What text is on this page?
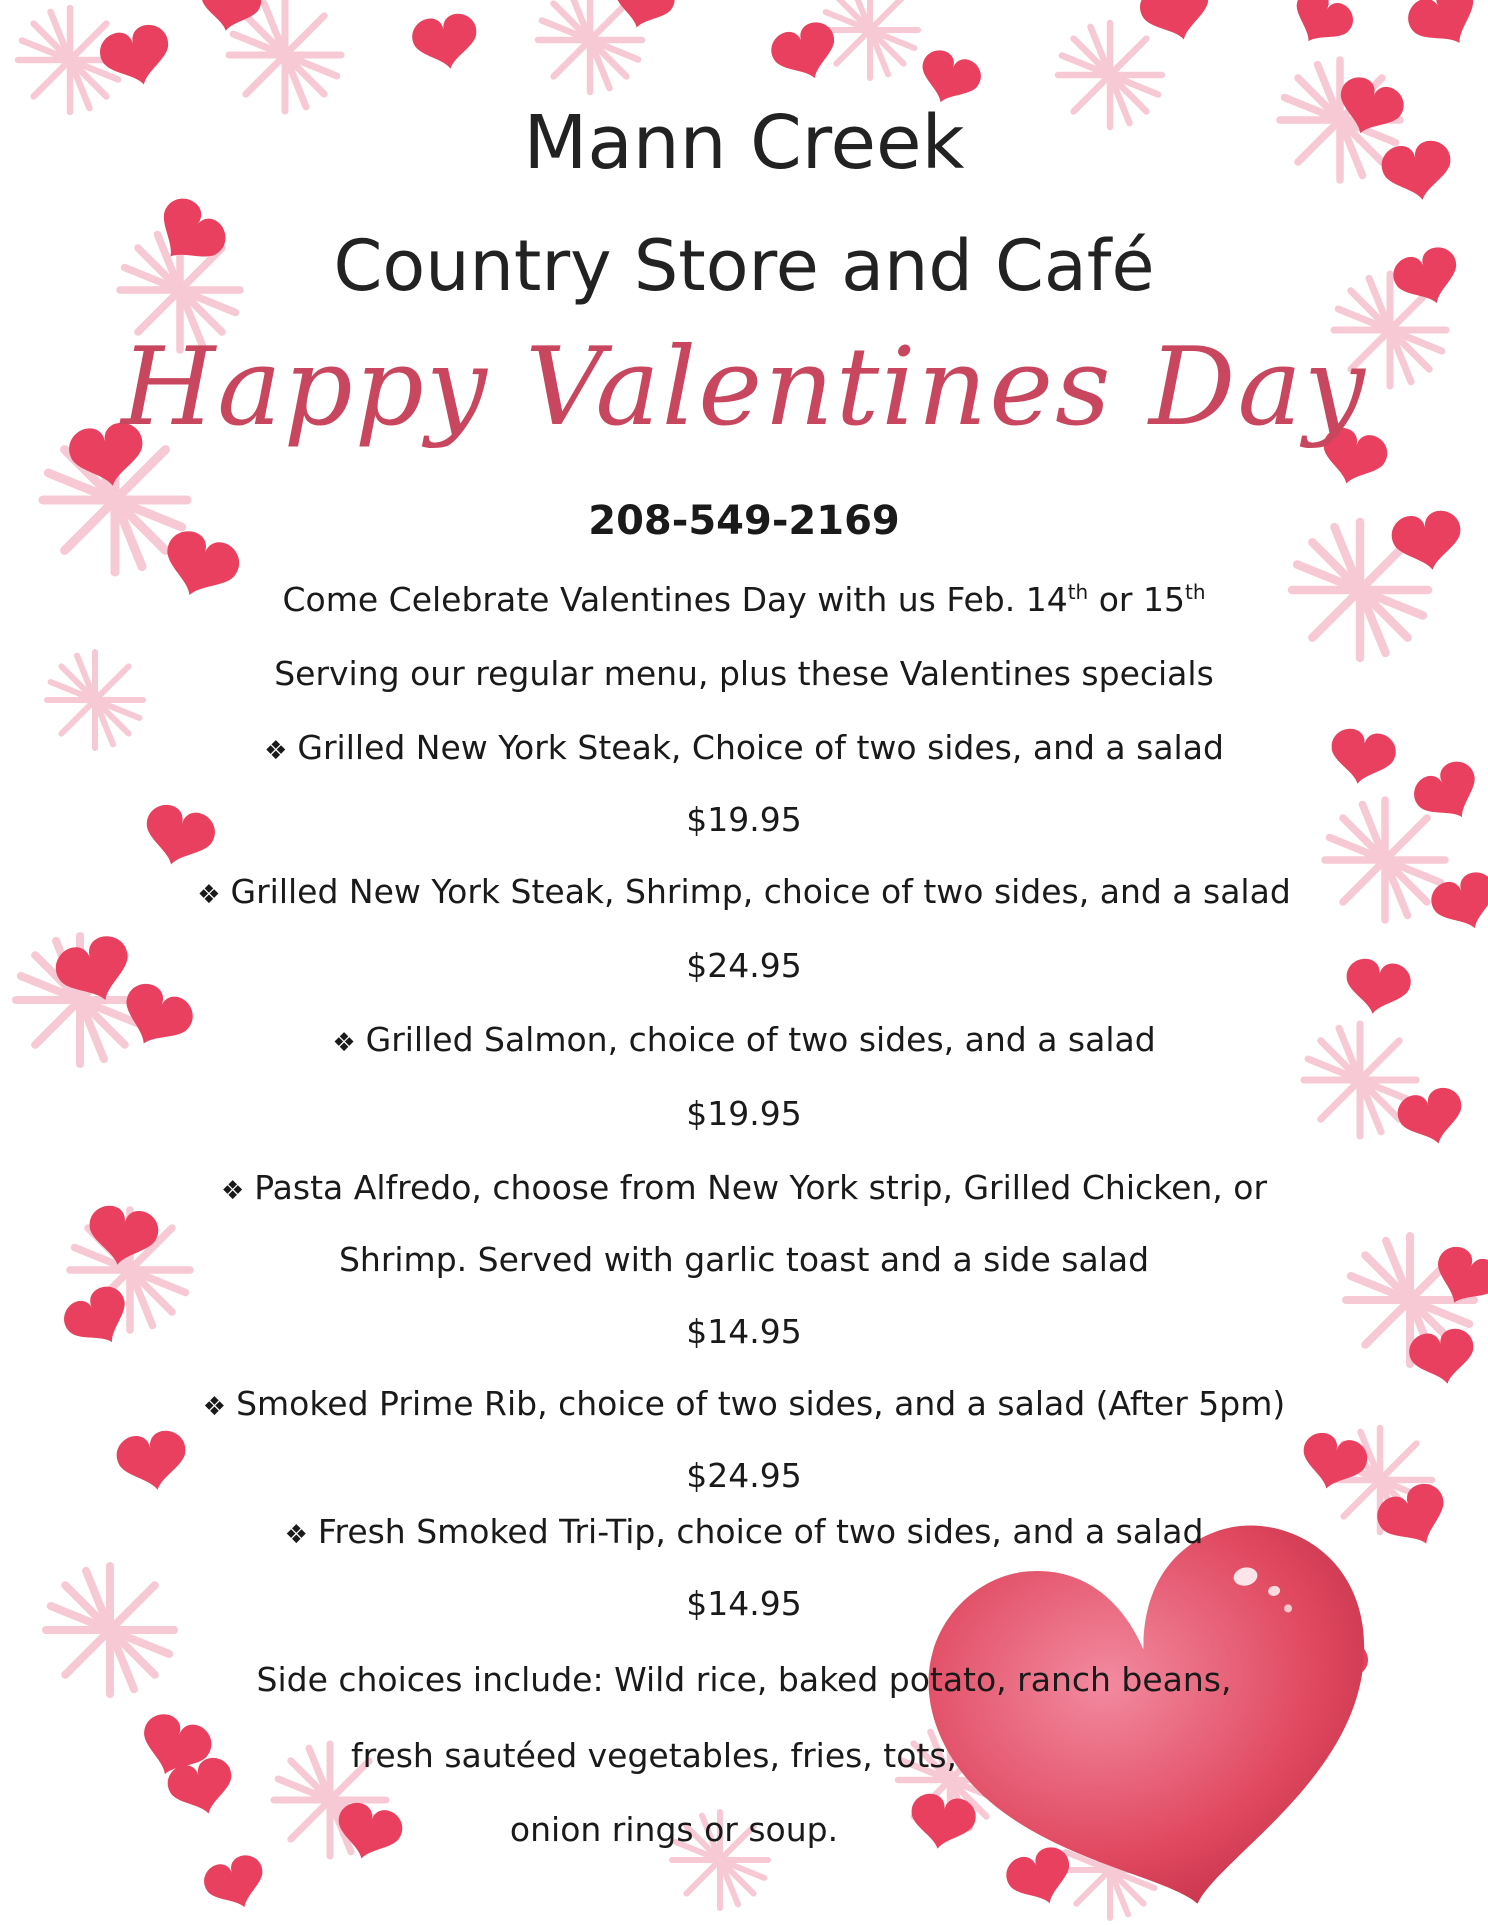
Mann Creek
Country Store and Café
Happy Valentines Day
208-549-2169
Come Celebrate Valentines Day with us Feb. 14th or 15th
Serving our regular menu, plus these Valentines specials
❖ Grilled New York Steak, Choice of two sides, and a salad
$19.95
❖ Grilled New York Steak, Shrimp, choice of two sides, and a salad
$24.95
❖ Grilled Salmon, choice of two sides, and a salad
$19.95
❖ Pasta Alfredo, choose from New York strip, Grilled Chicken, or
Shrimp. Served with garlic toast and a side salad
$14.95
❖ Smoked Prime Rib, choice of two sides, and a salad (After 5pm)
$24.95
❖ Fresh Smoked Tri-Tip, choice of two sides, and a salad
$14.95
Side choices include: Wild rice, baked potato, ranch beans,
fresh sautéed vegetables, fries, tots,
onion rings or soup.
